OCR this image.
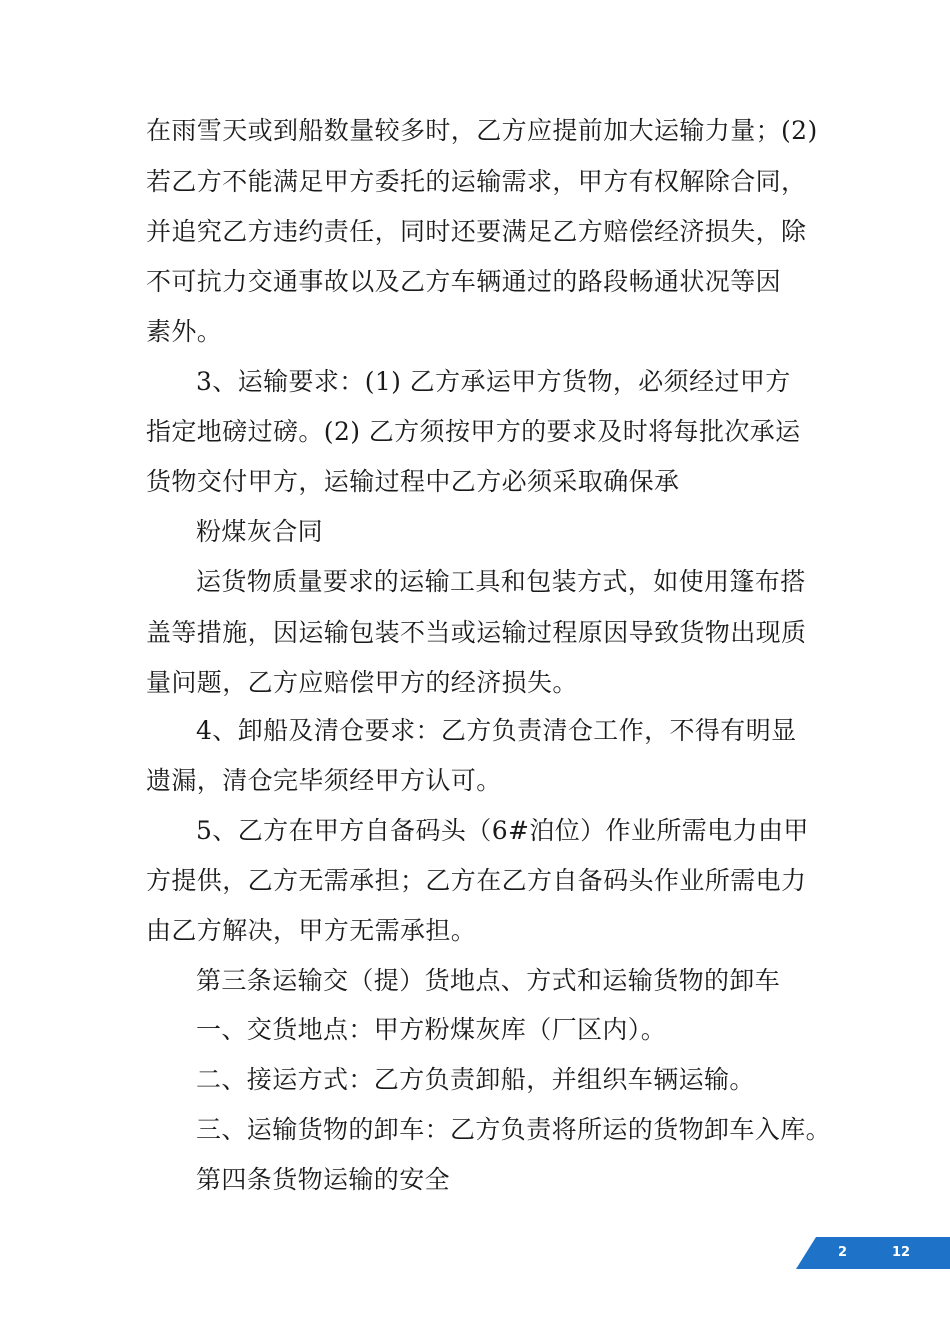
在雨雪天或到船数量较多时，乙方应提前加大运输力量；(2)
若乙方不能满足甲方委托的运输需求，甲方有权解除合同，
并追究乙方违约责任，同时还要满足乙方赔偿经济损失，除
不可抗力交通事故以及乙方车辆通过的路段畅通状况等因
素外。
3、运输要求：(1) 乙方承运甲方货物，必须经过甲方
指定地磅过磅。(2) 乙方须按甲方的要求及时将每批次承运
货物交付甲方，运输过程中乙方必须采取确保承
粉煤灰合同
运货物质量要求的运输工具和包装方式，如使用篷布搭
盖等措施，因运输包装不当或运输过程原因导致货物出现质
量问题，乙方应赔偿甲方的经济损失。
4、卸船及清仓要求：乙方负责清仓工作，不得有明显
遗漏，清仓完毕须经甲方认可。
5、乙方在甲方自备码头（6#泊位）作业所需电力由甲
方提供，乙方无需承担；乙方在乙方自备码头作业所需电力
由乙方解决，甲方无需承担。
第三条运输交（提）货地点、方式和运输货物的卸车
一、交货地点：甲方粉煤灰库（厂区内）。
二、接运方式：乙方负责卸船，并组织车辆运输。
三、运输货物的卸车：乙方负责将所运的货物卸车入库。
第四条货物运输的安全
2	12
